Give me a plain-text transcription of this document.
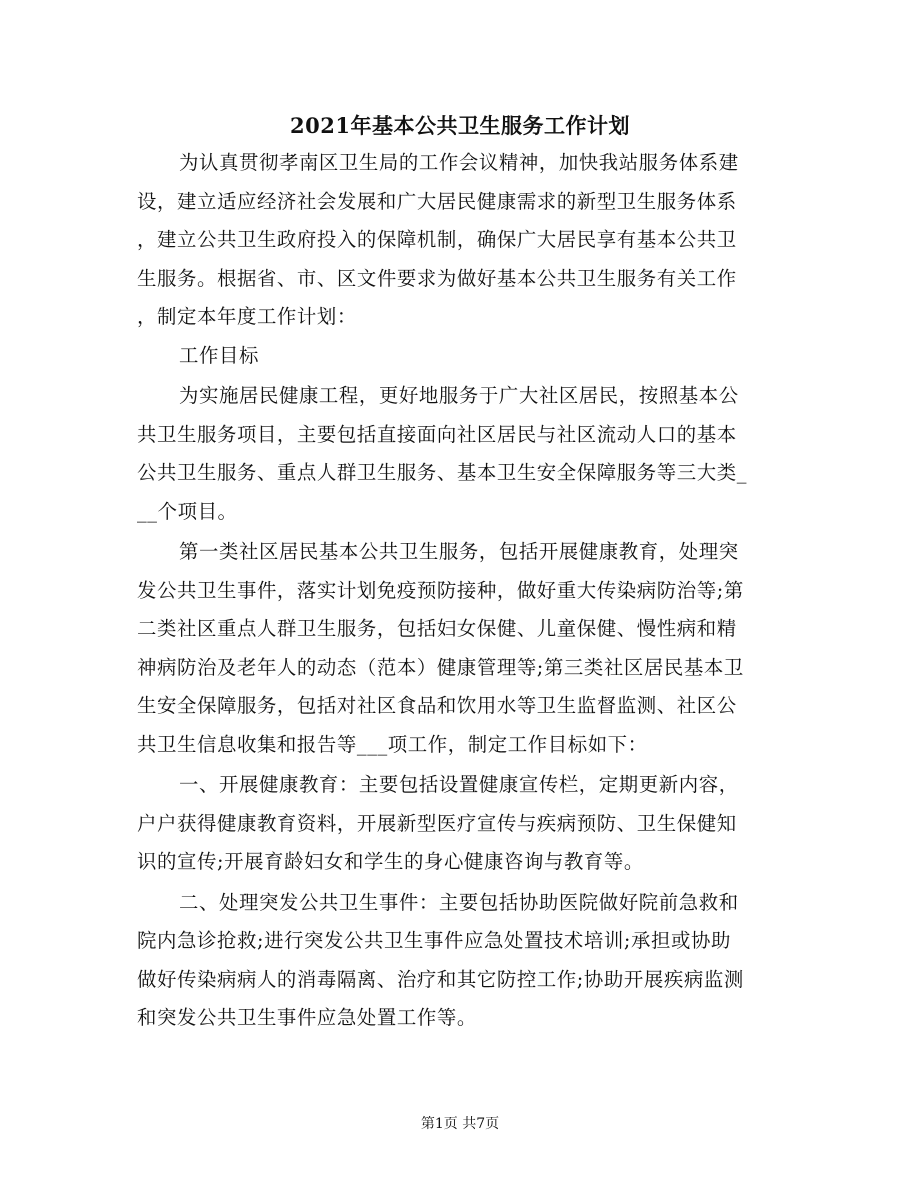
2021年基本公共卫生服务工作计划
为认真贯彻孝南区卫生局的工作会议精神，加快我站服务体系建
设，建立适应经济社会发展和广大居民健康需求的新型卫生服务体系
，建立公共卫生政府投入的保障机制，确保广大居民享有基本公共卫
生服务。根据省、市、区文件要求为做好基本公共卫生服务有关工作
，制定本年度工作计划：
工作目标
为实施居民健康工程，更好地服务于广大社区居民，按照基本公
共卫生服务项目，主要包括直接面向社区居民与社区流动人口的基本
公共卫生服务、重点人群卫生服务、基本卫生安全保障服务等三大类_
__个项目。
第一类社区居民基本公共卫生服务，包括开展健康教育，处理突
发公共卫生事件，落实计划免疫预防接种，做好重大传染病防治等;第
二类社区重点人群卫生服务，包括妇女保健、儿童保健、慢性病和精
神病防治及老年人的动态（范本）健康管理等;第三类社区居民基本卫
生安全保障服务，包括对社区食品和饮用水等卫生监督监测、社区公
共卫生信息收集和报告等___项工作，制定工作目标如下：
一、开展健康教育：主要包括设置健康宣传栏，定期更新内容，
户户获得健康教育资料，开展新型医疗宣传与疾病预防、卫生保健知
识的宣传;开展育龄妇女和学生的身心健康咨询与教育等。
二、处理突发公共卫生事件：主要包括协助医院做好院前急救和
院内急诊抢救;进行突发公共卫生事件应急处置技术培训;承担或协助
做好传染病病人的消毒隔离、治疗和其它防控工作;协助开展疾病监测
和突发公共卫生事件应急处置工作等。
第1页 共7页
